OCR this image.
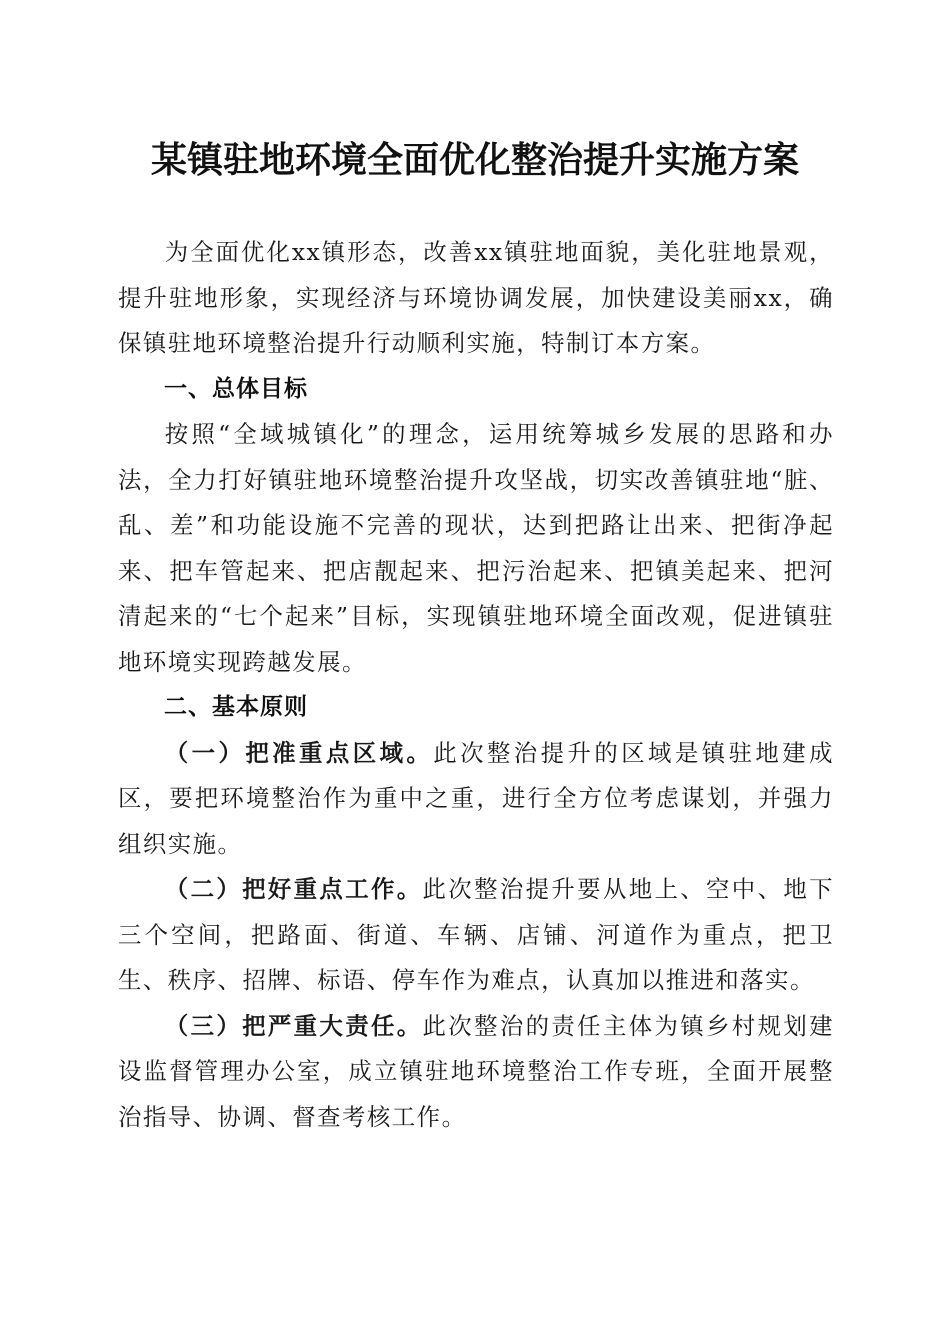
某镇驻地环境全面优化整治提升实施方案

为全面优化xx镇形态，改善xx镇驻地面貌，美化驻地景观，提升驻地形象，实现经济与环境协调发展，加快建设美丽xx，确保镇驻地环境整治提升行动顺利实施，特制订本方案。

一、总体目标

按照“全域城镇化”的理念，运用统筹城乡发展的思路和办法，全力打好镇驻地环境整治提升攻坚战，切实改善镇驻地“脏、乱、差”和功能设施不完善的现状，达到把路让出来、把街净起来、把车管起来、把店靓起来、把污治起来、把镇美起来、把河清起来的“七个起来”目标，实现镇驻地环境全面改观，促进镇驻地环境实现跨越发展。

二、基本原则

（一）把准重点区域。此次整治提升的区域是镇驻地建成区，要把环境整治作为重中之重，进行全方位考虑谋划，并强力组织实施。

（二）把好重点工作。此次整治提升要从地上、空中、地下三个空间，把路面、街道、车辆、店铺、河道作为重点，把卫生、秩序、招牌、标语、停车作为难点，认真加以推进和落实。

（三）把严重大责任。此次整治的责任主体为镇乡村规划建设监督管理办公室，成立镇驻地环境整治工作专班，全面开展整治指导、协调、督查考核工作。
